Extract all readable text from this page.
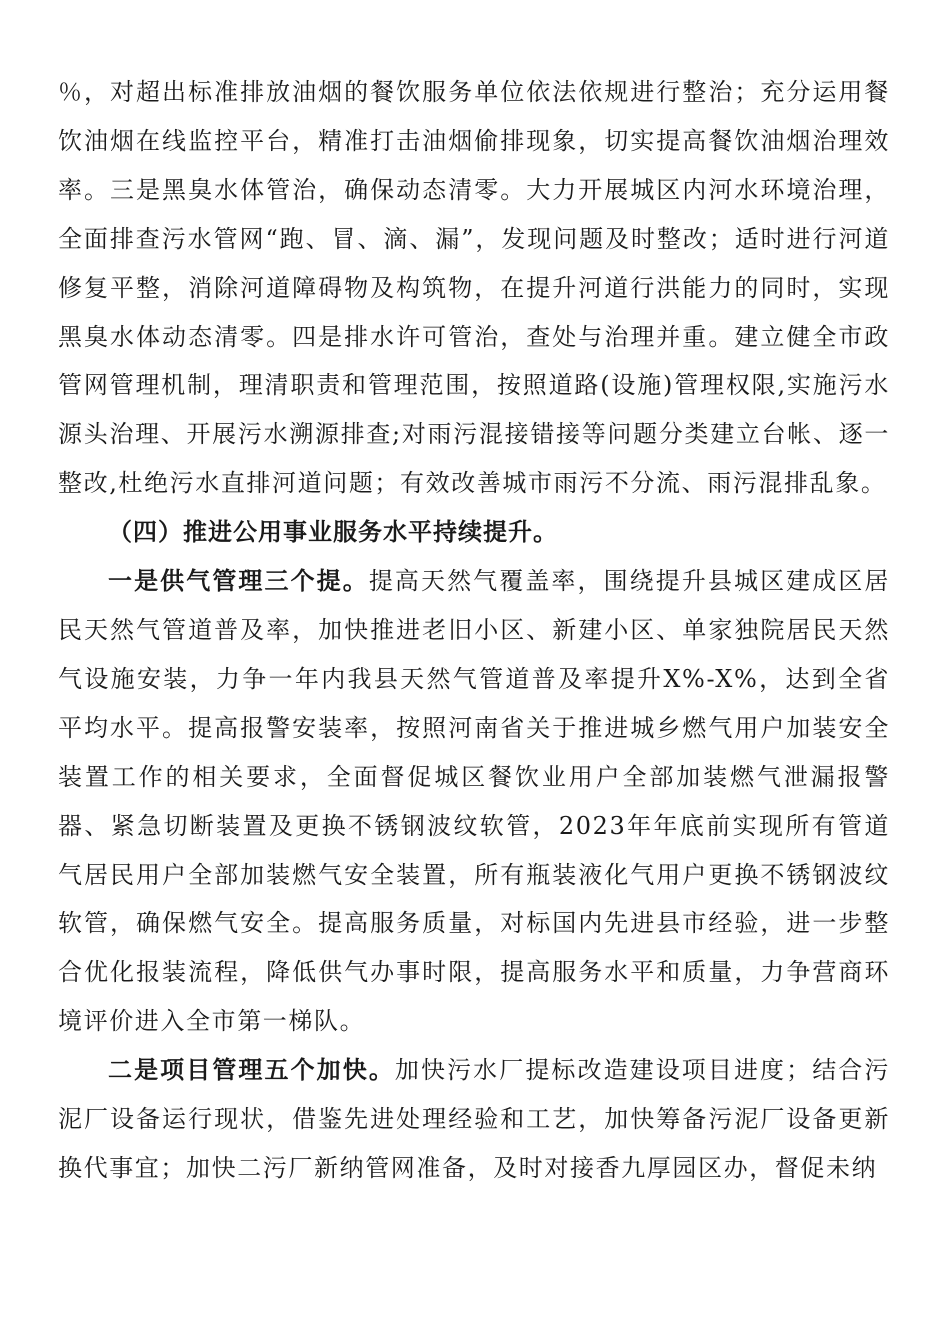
％，对超出标准排放油烟的餐饮服务单位依法依规进行整治；充分运用餐饮油烟在线监控平台，精准打击油烟偷排现象，切实提高餐饮油烟治理效率。三是黑臭水体管治，确保动态清零。大力开展城区内河水环境治理，全面排查污水管网“跑、冒、滴、漏”，发现问题及时整改；适时进行河道修复平整，消除河道障碍物及构筑物，在提升河道行洪能力的同时，实现黑臭水体动态清零。四是排水许可管治，查处与治理并重。建立健全市政管网管理机制，理清职责和管理范围，按照道路(设施)管理权限,实施污水源头治理、开展污水溯源排查;对雨污混接错接等问题分类建立台帐、逐一整改,杜绝污水直排河道问题；有效改善城市雨污不分流、雨污混排乱象。

（四）推进公用事业服务水平持续提升。

一是供气管理三个提。提高天然气覆盖率，围绕提升县城区建成区居民天然气管道普及率，加快推进老旧小区、新建小区、单家独院居民天然气设施安装，力争一年内我县天然气管道普及率提升X%-X%，达到全省平均水平。提高报警安装率，按照河南省关于推进城乡燃气用户加装安全装置工作的相关要求，全面督促城区餐饮业用户全部加装燃气泄漏报警器、紧急切断装置及更换不锈钢波纹软管，2023年年底前实现所有管道气居民用户全部加装燃气安全装置，所有瓶装液化气用户更换不锈钢波纹软管，确保燃气安全。提高服务质量，对标国内先进县市经验，进一步整合优化报装流程，降低供气办事时限，提高服务水平和质量，力争营商环境评价进入全市第一梯队。

二是项目管理五个加快。加快污水厂提标改造建设项目进度；结合污泥厂设备运行现状，借鉴先进处理经验和工艺，加快筹备污泥厂设备更新换代事宜；加快二污厂新纳管网准备，及时对接香九厚园区办，督促未纳
